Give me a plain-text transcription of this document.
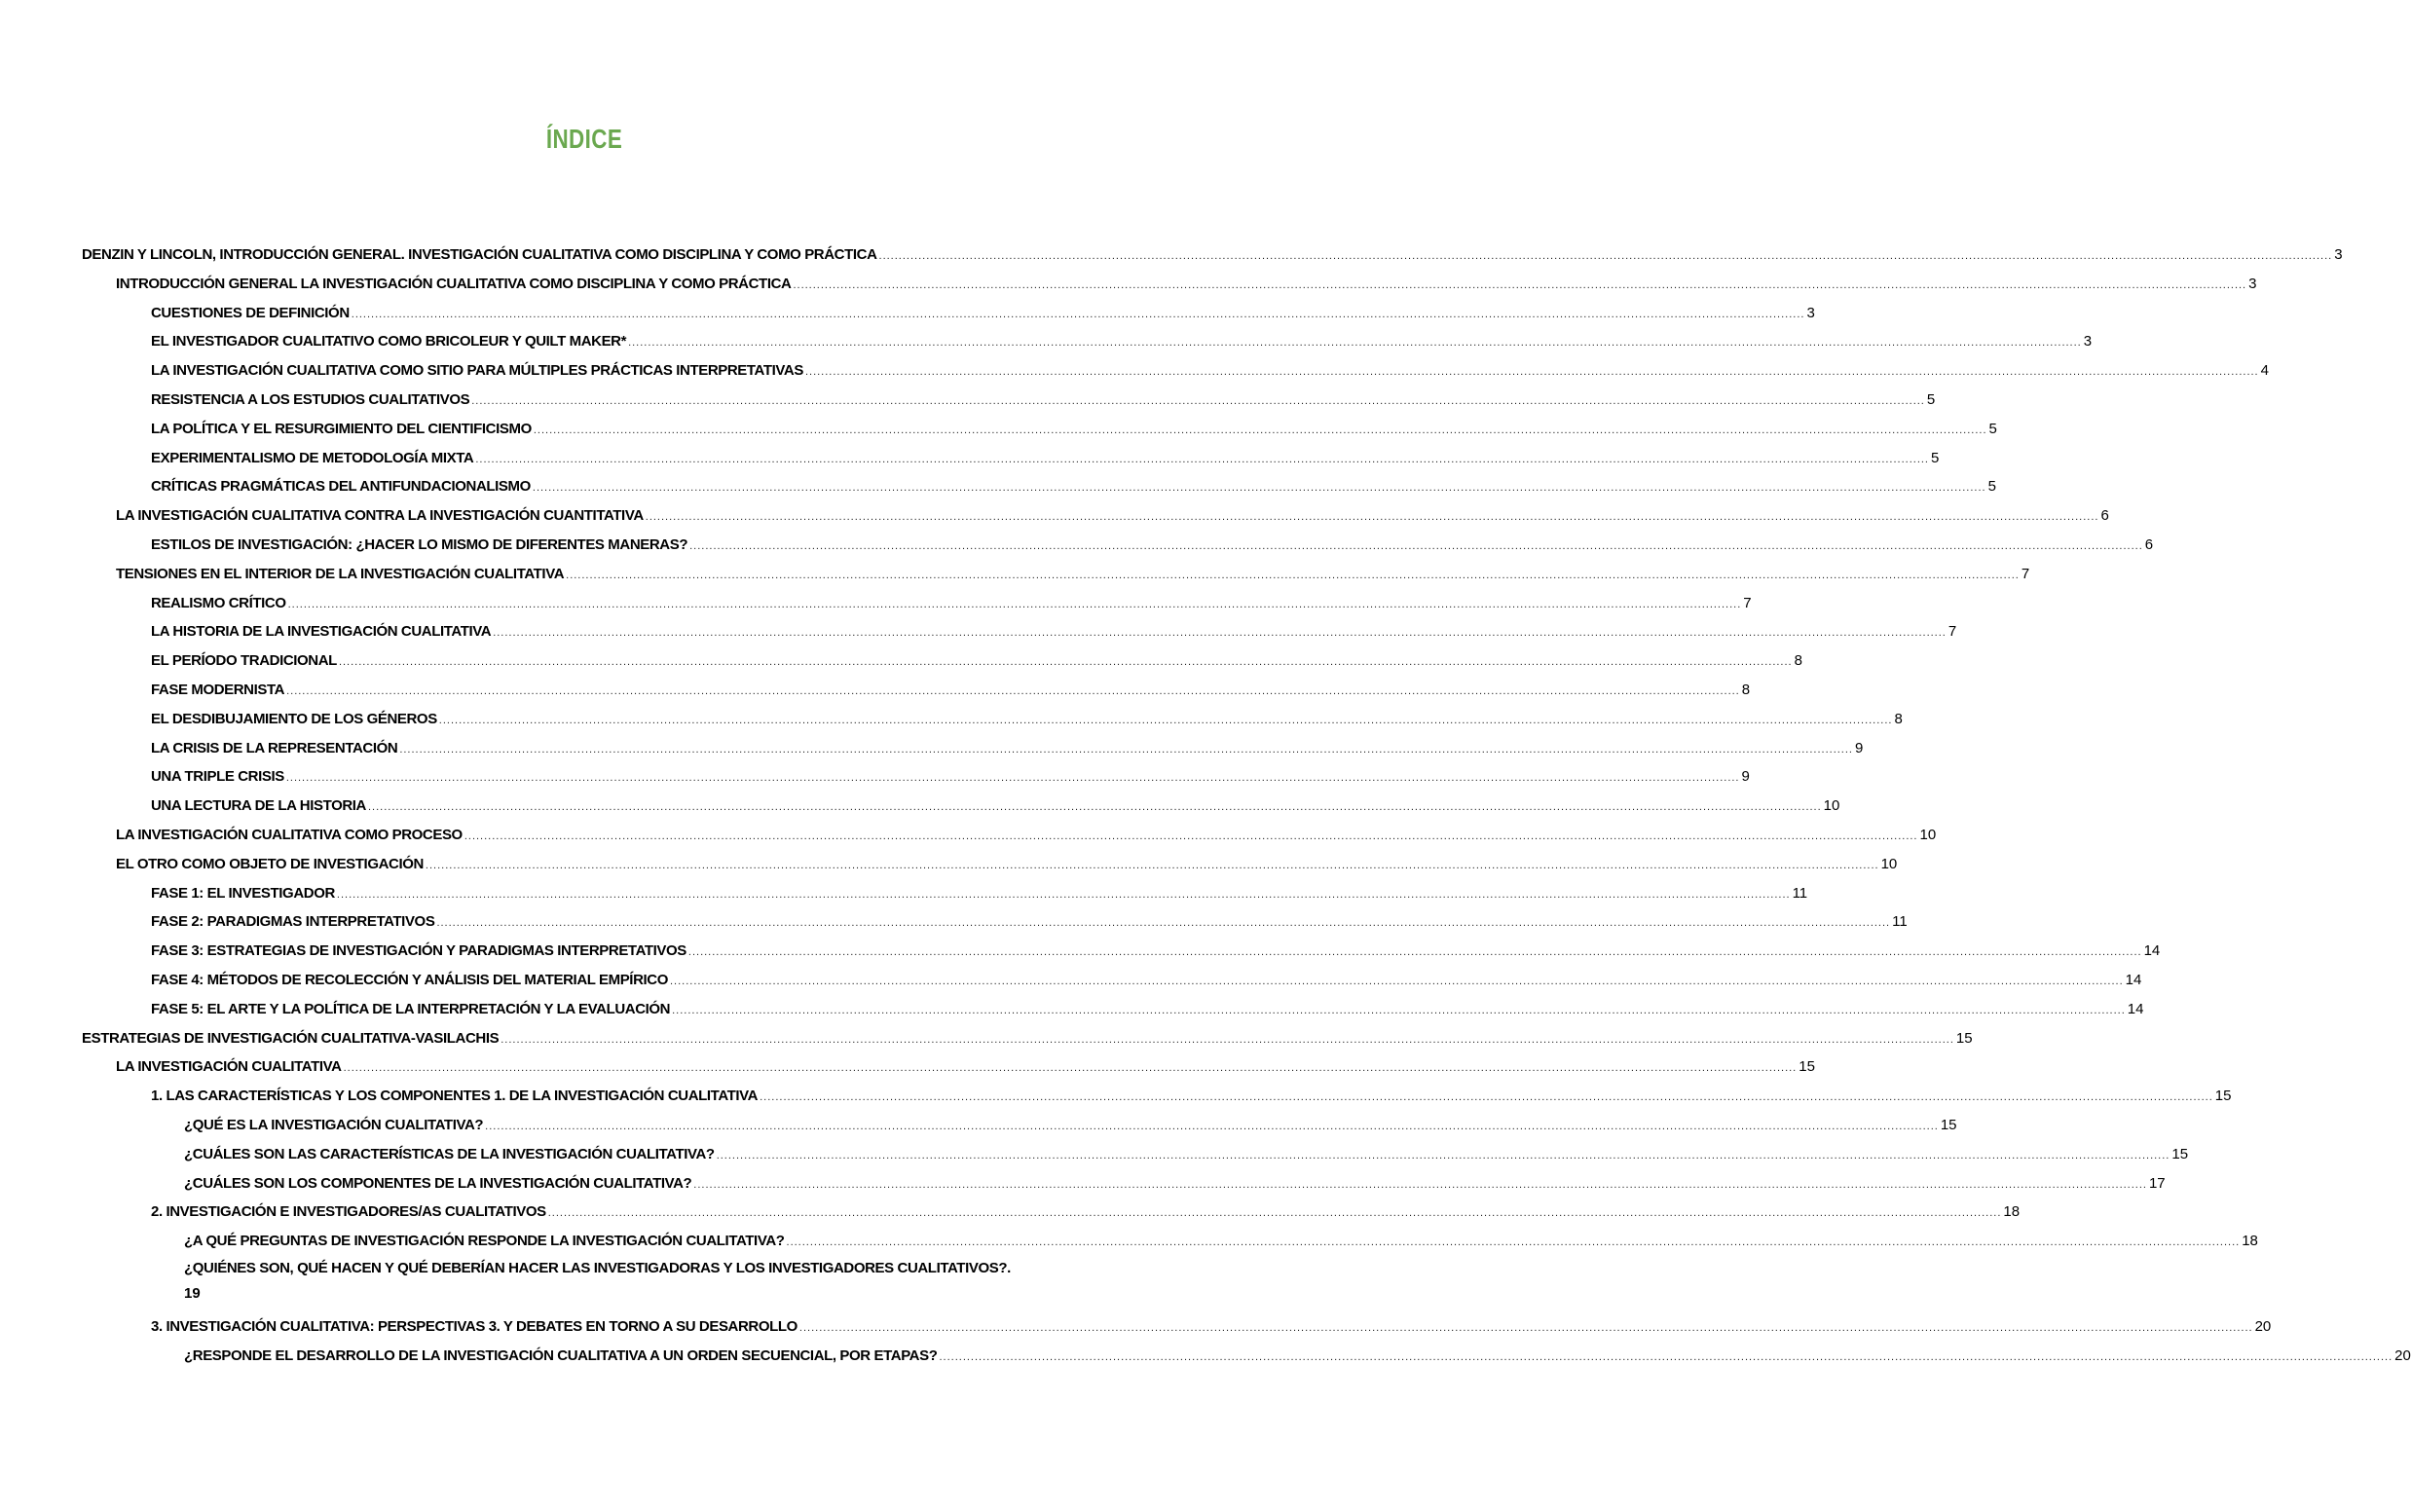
ÍNDICE
DENZIN Y LINCOLN, INTRODUCCIÓN GENERAL. INVESTIGACIÓN CUALITATIVA COMO DISCIPLINA Y COMO PRÁCTICA .....	3
INTRODUCCIÓN GENERAL LA INVESTIGACIÓN CUALITATIVA COMO DISCIPLINA Y COMO PRÁCTICA .....	3
CUESTIONES DE DEFINICIÓN .....	3
EL INVESTIGADOR CUALITATIVO COMO BRICOLEUR Y QUILT MAKER* .....	3
LA INVESTIGACIÓN CUALITATIVA COMO SITIO PARA MÚLTIPLES PRÁCTICAS INTERPRETATIVAS .....	4
RESISTENCIA A LOS ESTUDIOS CUALITATIVOS .....	5
LA POLÍTICA Y EL RESURGIMIENTO DEL CIENTIFICISMO .....	5
EXPERIMENTALISMO DE METODOLOGÍA MIXTA .....	5
CRÍTICAS PRAGMÁTICAS DEL ANTIFUNDACIONALISMO .....	5
LA INVESTIGACIÓN CUALITATIVA CONTRA LA INVESTIGACIÓN CUANTITATIVA .....	6
ESTILOS DE INVESTIGACIÓN: ¿HACER LO MISMO DE DIFERENTES MANERAS? .....	6
TENSIONES EN EL INTERIOR DE LA INVESTIGACIÓN CUALITATIVA .....	7
REALISMO CRÍTICO .....	7
LA HISTORIA DE LA INVESTIGACIÓN CUALITATIVA .....	7
EL PERÍODO TRADICIONAL .....	8
FASE MODERNISTA .....	8
EL DESDIBUJAMIENTO DE LOS GÉNEROS .....	8
LA CRISIS DE LA REPRESENTACIÓN .....	9
UNA TRIPLE CRISIS .....	9
UNA LECTURA DE LA HISTORIA .....	10
LA INVESTIGACIÓN CUALITATIVA COMO PROCESO .....	10
EL OTRO COMO OBJETO DE INVESTIGACIÓN .....	10
FASE 1: EL INVESTIGADOR .....	11
FASE 2: PARADIGMAS INTERPRETATIVOS .....	11
FASE 3: ESTRATEGIAS DE INVESTIGACIÓN Y PARADIGMAS INTERPRETATIVOS .....	14
FASE 4: MÉTODOS DE RECOLECCIÓN Y ANÁLISIS DEL MATERIAL EMPÍRICO .....	14
FASE 5: EL ARTE Y LA POLÍTICA DE LA INTERPRETACIÓN Y LA EVALUACIÓN .....	14
ESTRATEGIAS DE INVESTIGACIÓN CUALITATIVA-VASILACHIS .....	15
LA INVESTIGACIÓN CUALITATIVA .....	15
1. LAS CARACTERÍSTICAS Y LOS COMPONENTES 1. DE LA INVESTIGACIÓN CUALITATIVA .....	15
¿QUÉ ES LA INVESTIGACIÓN CUALITATIVA? .....	15
¿CUÁLES SON LAS CARACTERÍSTICAS DE LA INVESTIGACIÓN CUALITATIVA? .....	15
¿CUÁLES SON LOS COMPONENTES DE LA INVESTIGACIÓN CUALITATIVA? .....	17
2. INVESTIGACIÓN E INVESTIGADORES/AS CUALITATIVOS .....	18
¿A QUÉ PREGUNTAS DE INVESTIGACIÓN RESPONDE LA INVESTIGACIÓN CUALITATIVA? .....	18
¿QUIÉNES SON, QUÉ HACEN Y QUÉ DEBERÍAN HACER LAS INVESTIGADORAS Y LOS INVESTIGADORES CUALITATIVOS?.
19
3. INVESTIGACIÓN CUALITATIVA: PERSPECTIVAS 3. Y DEBATES EN TORNO A SU DESARROLLO .....	20
¿RESPONDE EL DESARROLLO DE LA INVESTIGACIÓN CUALITATIVA A UN ORDEN SECUENCIAL, POR ETAPAS? .....	20
